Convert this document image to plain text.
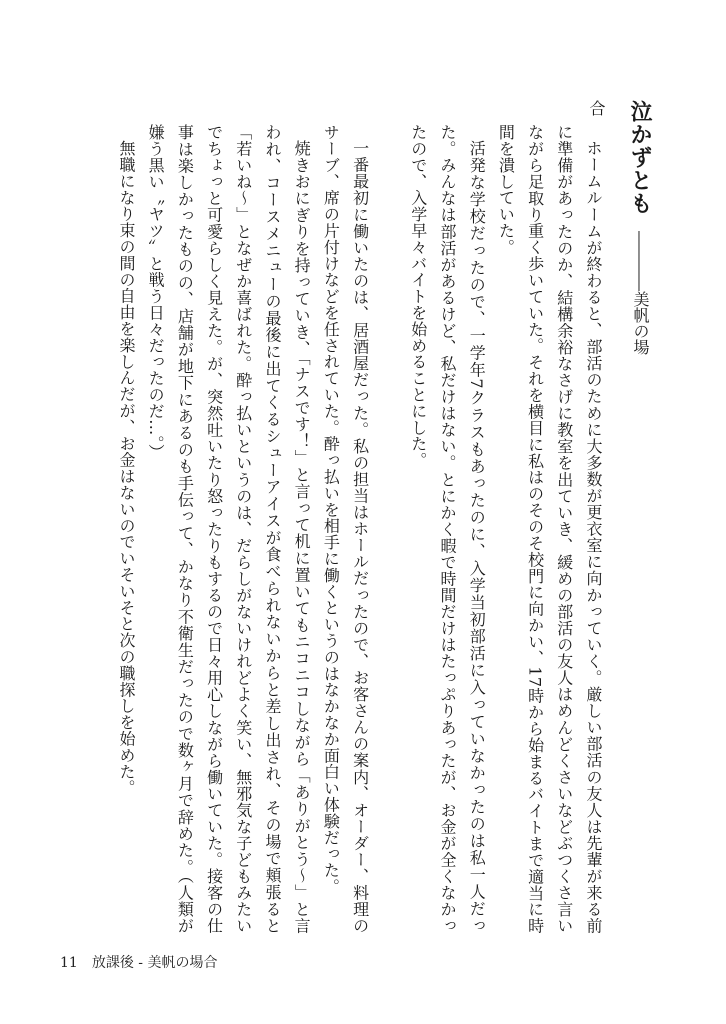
泣かずとも――――美帆の場合

ホームルームが終わると、部活のために大多数が更衣室に向かっていく。厳しい部活の友人は先輩が来る前に準備があったのか、結構余裕なさげに教室を出ていき、緩めの部活の友人はめんどくさいなどぶつくさ言いながら足取り重く歩いていた。それを横目に私はのそのそ校門に向かい、17時から始まるバイトまで適当に時間を潰していた。

活発な学校だったので、一学年7クラスもあったのに、入学当初部活に入っていなかったのは私一人だった。みんなは部活があるけど、私だけはない。とにかく暇で時間だけはたっぷりあったが、お金が全くなかったので、入学早々バイトを始めることにした。

一番最初に働いたのは、居酒屋だった。私の担当はホールだったので、お客さんの案内、オーダー、料理のサーブ、席の片付けなどを任されていた。酔っ払いを相手に働くというのはなかなか面白い体験だった。

焼きおにぎりを持っていき、「ナスです！」と言って机に置いてもニコニコしながら「ありがとう～」と言われ、コースメニューの最後に出てくるシューアイスが食べられないからと差し出され、その場で頬張ると「若いね～」となぜか喜ばれた。酔っ払いというのは、だらしがないけれどよく笑い、無邪気な子どもみたいでちょっと可愛らしく見えた。が、突然吐いたり怒ったりもするので日々用心しながら働いていた。接客の仕事は楽しかったものの、店舗が地下にあるのも手伝って、かなり不衛生だったので数ヶ月で辞めた。（人類が嫌う黒い〝ヤツ〟と戦う日々だったのだ…。）

無職になり束の間の自由を楽しんだが、お金はないのでいそいそと次の職探しを始めた。

11 放課後 - 美帆の場合
